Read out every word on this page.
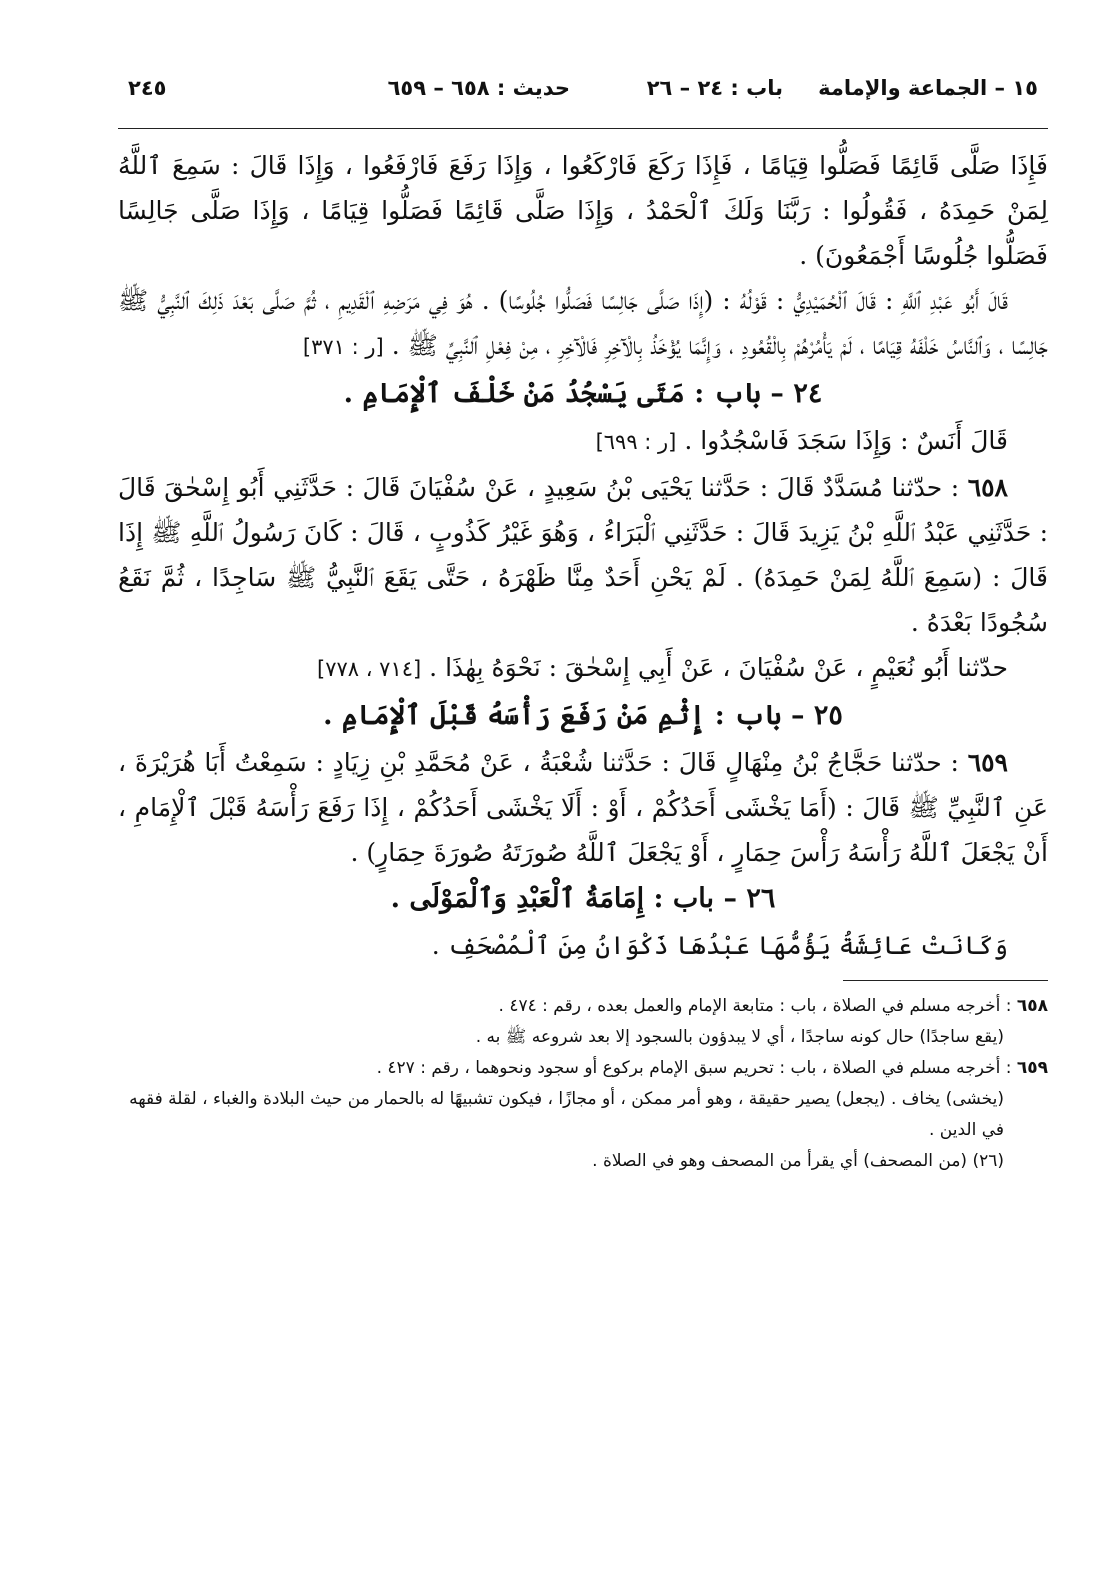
١٥ – الجماعة والإمامة
باب : ٢٤ – ٢٦
حديث : ٦٥٨ – ٦٥٩
٢٤٥

فَإِذَا صَلَّى قَائِمًا فَصَلُّوا قِيَامًا ، فَإِذَا رَكَعَ فَارْكَعُوا ، وَإِذَا رَفَعَ فَارْفَعُوا ، وَإِذَا قَالَ : سَمِعَ ٱللَّهُ لِمَنْ حَمِدَهُ ، فَقُولُوا : رَبَّنَا وَلَكَ ٱلْحَمْدُ ، وَإِذَا صَلَّى قَائِمًا فَصَلُّوا قِيَامًا ، وَإِذَا صَلَّى جَالِسًا فَصَلُّوا جُلُوسًا أَجْمَعُونَ) .

قَالَ أَبُو عَبْدِ ٱللَّهِ : قَالَ ٱلْحُمَيْدِيُّ : قَوْلُهُ : (إِذَا صَلَّى جَالِسًا فَصَلُّوا جُلُوسًا) . هُوَ فِي مَرَضِهِ ٱلْقَدِيمِ ، ثُمَّ صَلَّى بَعْدَ ذَلِكَ ٱلنَّبِيُّ ﷺ جَالِسًا ، وَٱلنَّاسُ خَلْفَهُ قِيَامًا ، لَمْ يَأْمُرْهُمْ بِالْقُعُودِ ، وَإِنَّمَا يُؤْخَذُ بِالْآخِرِ فَالْآخِرِ ، مِنْ فِعْلِ ٱلنَّبِيِّ ﷺ . [ر : ٣٧١]

٢٤ – باب : مَتَى يَسْجُدُ مَنْ خَلْفَ ٱلْإِمَامِ .

قَالَ أَنَسٌ : وَإِذَا سَجَدَ فَاسْجُدُوا . [ر : ٦٩٩]

٦٥٨ : حدّثنا مُسَدَّدٌ قَالَ : حَدَّثنا يَحْيَى بْنُ سَعِيدٍ ، عَنْ سُفْيَانَ قَالَ : حَدَّثَنِي أَبُو إِسْحٰقَ قَالَ : حَدَّثَنِي عَبْدُ ٱللَّهِ بْنُ يَزِيدَ قَالَ : حَدَّثَنِي ٱلْبَرَاءُ ، وَهُوَ غَيْرُ كَذُوبٍ ، قَالَ : كَانَ رَسُولُ ٱللَّهِ ﷺ إِذَا قَالَ : (سَمِعَ ٱللَّهُ لِمَنْ حَمِدَهُ) . لَمْ يَحْنِ أَحَدٌ مِنَّا ظَهْرَهُ ، حَتَّى يَقَعَ ٱلنَّبِيُّ ﷺ سَاجِدًا ، ثُمَّ نَقَعُ سُجُودًا بَعْدَهُ .

حدّثنا أَبُو نُعَيْمٍ ، عَنْ سُفْيَانَ ، عَنْ أَبِي إِسْحٰقَ : نَحْوَهُ بِهٰذَا . [٧١٤ ، ٧٧٨]

٢٥ – باب : إِثْمِ مَنْ رَفَعَ رَأْسَهُ قَبْلَ ٱلْإِمَامِ .

٦٥٩ : حدّثنا حَجَّاجُ بْنُ مِنْهَالٍ قَالَ : حَدَّثنا شُعْبَةُ ، عَنْ مُحَمَّدِ بْنِ زِيَادٍ : سَمِعْتُ أَبَا هُرَيْرَةَ ، عَنِ ٱلنَّبِيِّ ﷺ قَالَ : (أَمَا يَخْشَى أَحَدُكُمْ ، أَوْ : أَلَا يَخْشَى أَحَدُكُمْ ، إِذَا رَفَعَ رَأْسَهُ قَبْلَ ٱلْإِمَامِ ، أَنْ يَجْعَلَ ٱللَّهُ رَأْسَهُ رَأْسَ حِمَارٍ ، أَوْ يَجْعَلَ ٱللَّهُ صُورَتَهُ صُورَةَ حِمَارٍ) .

٢٦ – باب : إِمَامَةُ ٱلْعَبْدِ وَٱلْمَوْلَى .

وَكَانَتْ عَائِشَةُ يَؤُمُّهَا عَبْدُهَا ذَكْوَانُ مِنَ ٱلْمُصْحَفِ .

٦٥٨ : أخرجه مسلم في الصلاة ، باب : متابعة الإمام والعمل بعده ، رقم : ٤٧٤ .

(يقع ساجدًا) حال كونه ساجدًا ، أي لا يبدؤون بالسجود إلا بعد شروعه ﷺ به .

٦٥٩ : أخرجه مسلم في الصلاة ، باب : تحريم سبق الإمام بركوع أو سجود ونحوهما ، رقم : ٤٢٧ .

(يخشى) يخاف . (يجعل) يصير حقيقة ، وهو أمر ممكن ، أو مجازًا ، فيكون تشبيهًا له بالحمار من حيث البلادة والغباء ، لقلة فقهه في الدين .

(٢٦) (من المصحف) أي يقرأ من المصحف وهو في الصلاة .
